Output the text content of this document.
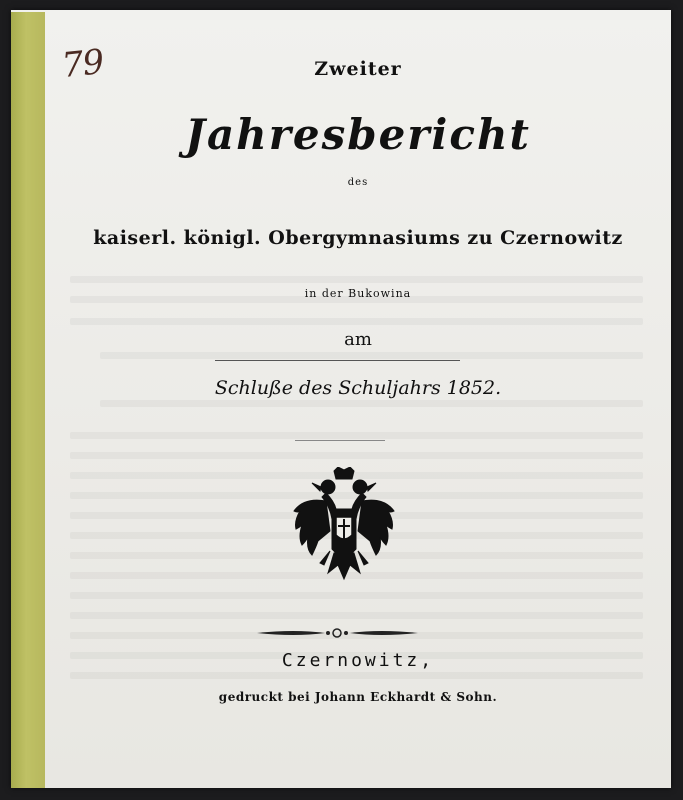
79	Zweiter
Jahresbericht
des
kaiserl. königl. Obergymnasiums zu Czernowitz
in der Bukowina
am
Schluße des Schuljahrs 1852.
Czernowitz,
gedruckt bei Johann Eckhardt & Sohn.
